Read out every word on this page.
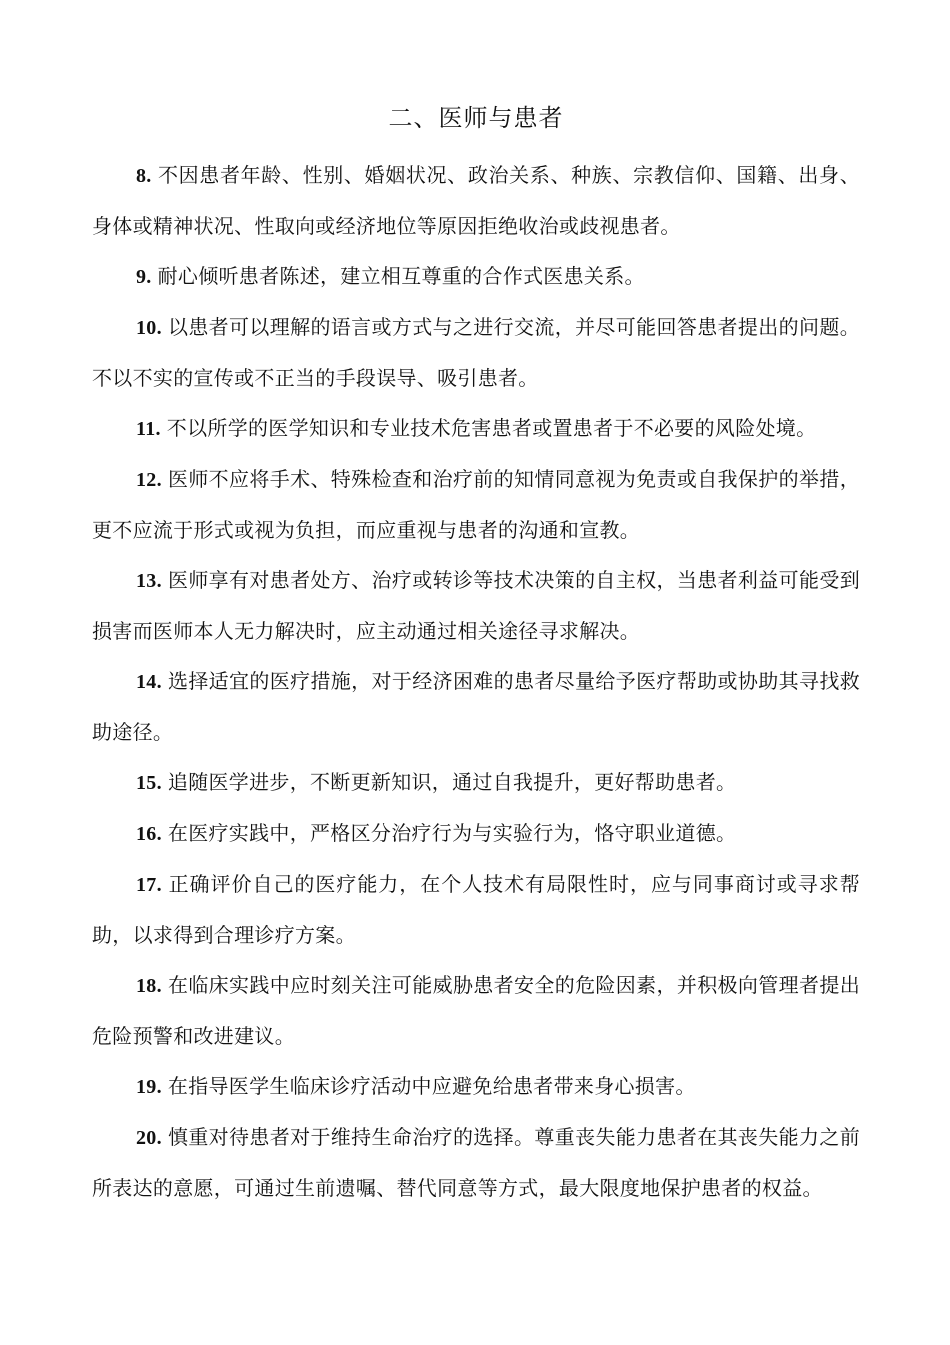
二、医师与患者

8. 不因患者年龄、性别、婚姻状况、政治关系、种族、宗教信仰、国籍、出身、身体或精神状况、性取向或经济地位等原因拒绝收治或歧视患者。

9. 耐心倾听患者陈述，建立相互尊重的合作式医患关系。

10. 以患者可以理解的语言或方式与之进行交流，并尽可能回答患者提出的问题。不以不实的宣传或不正当的手段误导、吸引患者。

11. 不以所学的医学知识和专业技术危害患者或置患者于不必要的风险处境。

12. 医师不应将手术、特殊检查和治疗前的知情同意视为免责或自我保护的举措，更不应流于形式或视为负担，而应重视与患者的沟通和宣教。

13. 医师享有对患者处方、治疗或转诊等技术决策的自主权，当患者利益可能受到损害而医师本人无力解决时，应主动通过相关途径寻求解决。

14. 选择适宜的医疗措施，对于经济困难的患者尽量给予医疗帮助或协助其寻找救助途径。

15. 追随医学进步，不断更新知识，通过自我提升，更好帮助患者。

16. 在医疗实践中，严格区分治疗行为与实验行为，恪守职业道德。

17. 正确评价自己的医疗能力，在个人技术有局限性时，应与同事商讨或寻求帮助，以求得到合理诊疗方案。

18. 在临床实践中应时刻关注可能威胁患者安全的危险因素，并积极向管理者提出危险预警和改进建议。

19. 在指导医学生临床诊疗活动中应避免给患者带来身心损害。

20. 慎重对待患者对于维持生命治疗的选择。尊重丧失能力患者在其丧失能力之前所表达的意愿，可通过生前遗嘱、替代同意等方式，最大限度地保护患者的权益。
